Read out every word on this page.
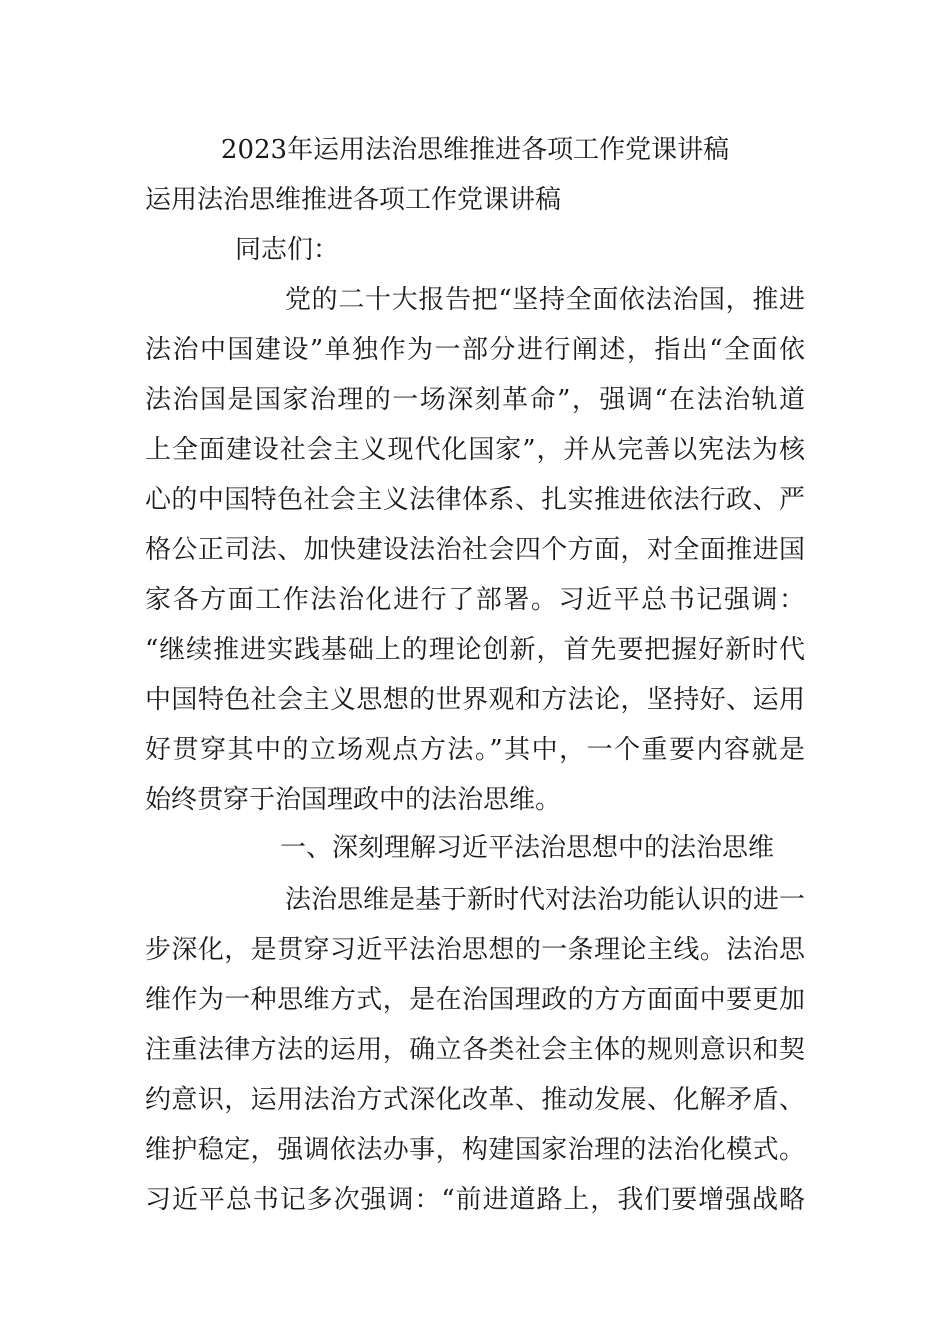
2023年运用法治思维推进各项工作党课讲稿
运用法治思维推进各项工作党课讲稿

同志们：

党的二十大报告把“坚持全面依法治国，推进

法治中国建设”单独作为一部分进行阐述，指出“全面依

法治国是国家治理的一场深刻革命”，强调“在法治轨道

上全面建设社会主义现代化国家”，并从完善以宪法为核

心的中国特色社会主义法律体系、扎实推进依法行政、严

格公正司法、加快建设法治社会四个方面，对全面推进国

家各方面工作法治化进行了部署。习近平总书记强调：

“继续推进实践基础上的理论创新，首先要把握好新时代

中国特色社会主义思想的世界观和方法论，坚持好、运用

好贯穿其中的立场观点方法。”其中，一个重要内容就是

始终贯穿于治国理政中的法治思维。

一、深刻理解习近平法治思想中的法治思维

法治思维是基于新时代对法治功能认识的进一

步深化，是贯穿习近平法治思想的一条理论主线。法治思

维作为一种思维方式，是在治国理政的方方面面中要更加

注重法律方法的运用，确立各类社会主体的规则意识和契

约意识，运用法治方式深化改革、推动发展、化解矛盾、

维护稳定，强调依法办事，构建国家治理的法治化模式。

习近平总书记多次强调：“前进道路上，我们要增强战略
